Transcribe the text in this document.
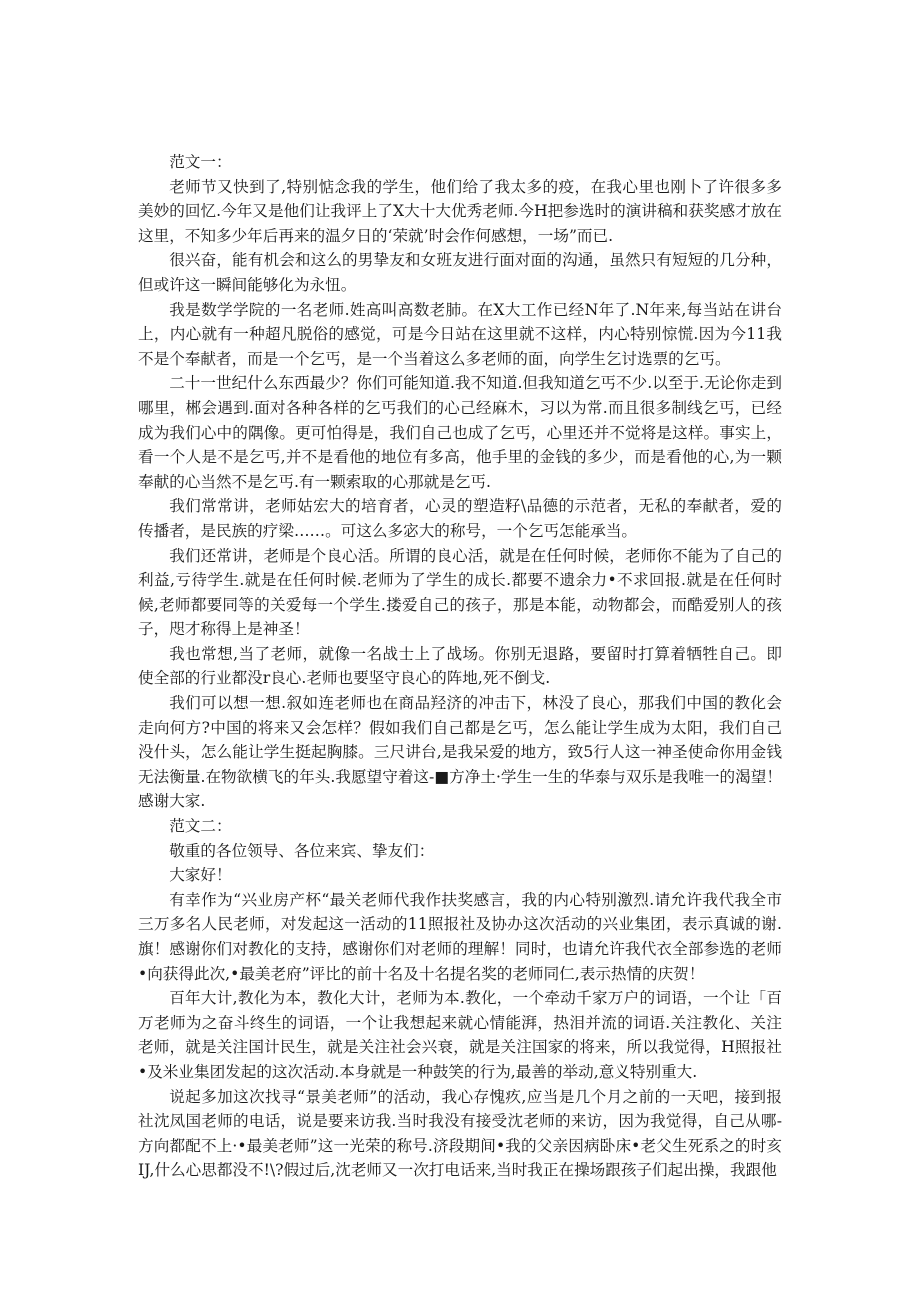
范文一：

老师节又快到了,特别惦念我的学生，他们给了我太多的疫，在我心里也刚卜了许很多多美妙的回忆.今年又是他们让我评上了X大十大优秀老师.今H把参选时的演讲稿和获奖感才放在这里，不知多少年后再来的温夕日的‘荣就’时会作何感想，一场”而已.

很兴奋，能有机会和这么的男挚友和女班友进行面对面的沟通，虽然只有短短的几分种，但或许这一瞬间能够化为永忸。

我是数学学院的一名老师.姓高叫高数老肺。在X大工作已经N年了.N年来,每当站在讲台上，内心就有一种超凡脱俗的感觉，可是今日站在这里就不这样，内心特别惊慌.因为今11我不是个奉献者，而是一个乞丐，是一个当着这么多老师的面，向学生乞讨选票的乞丐。

二十一世纪什么东西最少？你们可能知道.我不知道.但我知道乞丐不少.以至于.无论你走到哪里，郴会遇到.面对各种各样的乞丐我们的心己经麻木，习以为常.而且很多制线乞丐，已经成为我们心中的隅像。更可怕得是，我们自己也成了乞丐，心里还并不觉将是这样。事实上，看一个人是不是乞丐,并不是看他的地位有多高，他手里的金钱的多少，而是看他的心,为一颗奉献的心当然不是乞丐.有一颗索取的心那就是乞丐.

我们常常讲，老师姑宏大的培育者，心灵的塑造籽\品德的示范者，无私的奉献者，爱的传播者，是民族的疗梁……。可这么多宓大的称号，一个乞丐怎能承当。

我们还常讲，老师是个良心活。所谓的良心活，就是在任何时候，老师你不能为了自己的利益,亏待学生.就是在任何时候.老师为了学生的成长.都要不遗余力•不求回报.就是在任何时候,老师都要同等的关爱每一个学生.搂爱自己的孩子，那是本能，动物都会，而酷爱别人的孩子，咫才称得上是神圣！

我也常想,当了老师，就像一名战士上了战场。你别无退路，要留时打算着牺牲自己。即使全部的行业都没r良心.老师也要坚守良心的阵地,死不倒戈.

我们可以想一想.叙如连老师也在商品羟济的冲击下，林没了良心，那我们中国的教化会走向何方?中国的将来又会怎样？假如我们自己都是乞丐，怎么能让学生成为太阳，我们自己没什头，怎么能让学生挺起胸膝。三尺讲台,是我呆爱的地方，致5行人这一神圣使命你用金钱无法衡量.在物欲横飞的年头.我愿望守着这-■方净土·学生一生的华泰与双乐是我唯一的渴望！感谢大家.

范文二：

敬重的各位领导、各位来宾、挚友们：

大家好！

有幸作为“兴业房产杯“最关老师代我作扶奖感言，我的内心特别激烈.请允许我代我全市三万多名人民老师，对发起这一活动的11照报社及协办这次活动的兴业集团，表示真诚的谢.旗！感谢你们对教化的支持，感谢你们对老师的理解！同时，也请允许我代衣全部参选的老师•向获得此次,•最美老府”评比的前十名及十名提名奖的老师同仁,表示热情的庆贺！

百年大计,教化为本，教化大计，老师为本.教化，一个牵动千家万户的词语，一个让「百万老师为之奋斗终生的词语，一个让我想起来就心情能湃，热泪并流的词语.关注教化、关注老师，就是关注国计民生，就是关注社会兴衰，就是关注国家的将来，所以我觉得，H照报社•及米业集团发起的这次活动.本身就是一种鼓笑的行为,最善的举动,意义特别重大.

说起多加这次找寻“景美老师”的活动，我心存愧疚,应当是几个月之前的一天吧，接到报社沈凤国老师的电话，说是要来访我.当时我没有接受沈老师的来访，因为我觉得，自己从哪-方向都配不上·•最美老师”这一光荣的称号.济段期间•我的父亲因病卧床•老父生死系之的时亥IJ,什么心思都没不!\?假过后,沈老师又一次打电话来,当时我正在操场跟孩子们起出操，我跟他
